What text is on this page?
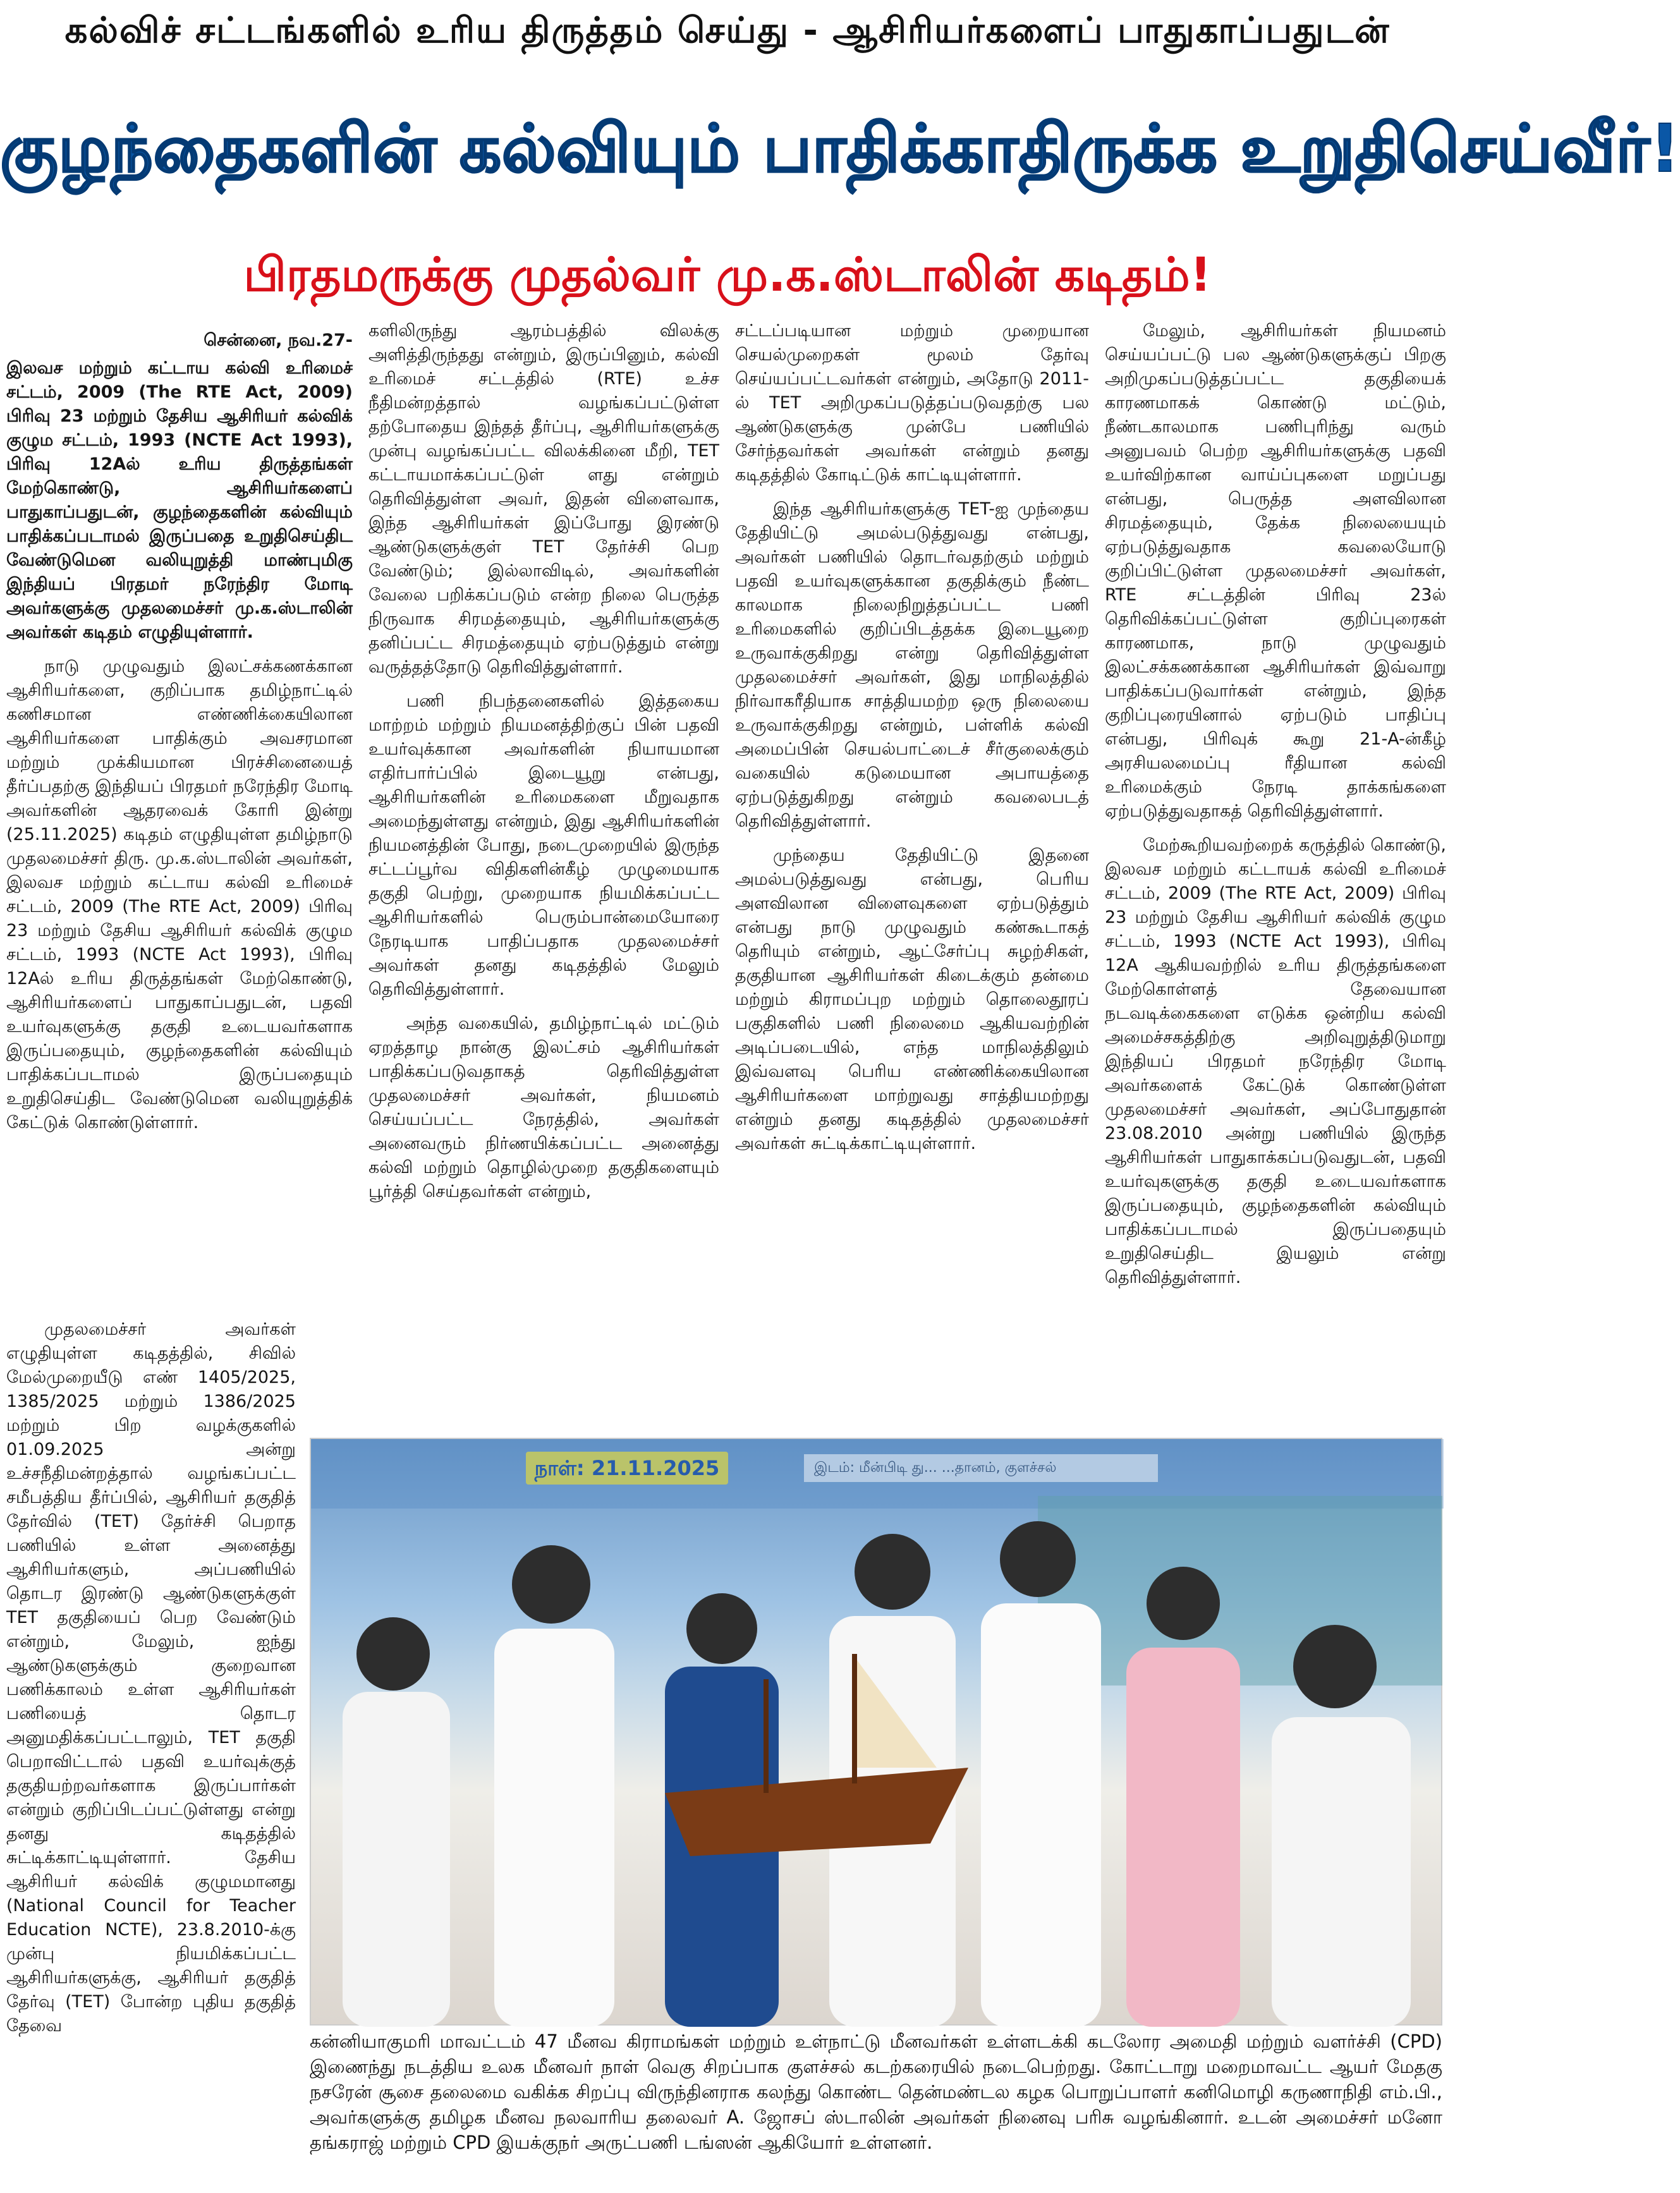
கல்விச் சட்டங்களில் உரிய திருத்தம் செய்து - ஆசிரியர்களைப் பாதுகாப்பதுடன்
குழந்தைகளின் கல்வியும் பாதிக்காதிருக்க உறுதிசெய்வீர்!
பிரதமருக்கு முதல்வர் மு.க.ஸ்டாலின் கடிதம்!
சென்னை, நவ.27-

இலவச மற்றும் கட்டாய கல்வி உரிமைச் சட்டம், 2009 (The RTE Act, 2009) பிரிவு 23 மற்றும் தேசிய ஆசிரியர் கல்விக் குழும சட்டம், 1993 (NCTE Act 1993), பிரிவு 12Aல் உரிய திருத்தங்கள் மேற்கொண்டு, ஆசிரியர்களைப் பாதுகாப்பதுடன், குழந்தைகளின் கல்வியும் பாதிக்கப்படாமல் இருப்பதை உறுதிசெய்திட வேண்டுமென வலியுறுத்தி மாண்புமிகு இந்தியப் பிரதமர் நரேந்திர மோடி அவர்களுக்கு முதலமைச்சர் மு.க.ஸ்டாலின் அவர்கள் கடிதம் எழுதியுள்ளார்.

நாடு முழுவதும் இலட்சக்கணக்கான ஆசிரியர்களை, குறிப்பாக தமிழ்நாட்டில் கணிசமான எண்ணிக்கையிலான ஆசிரியர்களை பாதிக்கும் அவசரமான மற்றும் முக்கியமான பிரச்சினையைத் தீர்ப்பதற்கு இந்தியப் பிரதமர் நரேந்திர மோடி அவர்களின் ஆதரவைக் கோரி இன்று (25.11.2025) கடிதம் எழுதியுள்ள தமிழ்நாடு முதலமைச்சர் திரு. மு.க.ஸ்டாலின் அவர்கள், இலவச மற்றும் கட்டாய கல்வி உரிமைச் சட்டம், 2009 (The RTE Act, 2009) பிரிவு 23 மற்றும் தேசிய ஆசிரியர் கல்விக் குழும சட்டம், 1993 (NCTE Act 1993), பிரிவு 12Aல் உரிய திருத்தங்கள் மேற்கொண்டு, ஆசிரியர்களைப் பாதுகாப்பதுடன், பதவி உயர்வுகளுக்கு தகுதி உடையவர்களாக இருப்பதையும், குழந்தைகளின் கல்வியும் பாதிக்கப்படாமல் இருப்பதையும் உறுதிசெய்திட வேண்டுமென வலியுறுத்திக் கேட்டுக் கொண்டுள்ளார்.

முதலமைச்சர் அவர்கள் எழுதியுள்ள கடிதத்தில், சிவில் மேல்முறையீடு எண் 1405/2025, 1385/2025 மற்றும் 1386/2025 மற்றும் பிற வழக்குகளில் 01.09.2025 அன்று உச்சநீதிமன்றத்தால் வழங்கப்பட்ட சமீபத்திய தீர்ப்பில், ஆசிரியர் தகுதித் தேர்வில் (TET) தேர்ச்சி பெறாத பணியில் உள்ள அனைத்து ஆசிரியர்களும், அப்பணியில் தொடர இரண்டு ஆண்டுகளுக்குள் TET தகுதியைப் பெற வேண்டும் என்றும், மேலும், ஐந்து ஆண்டுகளுக்கும் குறைவான பணிக்காலம் உள்ள ஆசிரியர்கள் பணியைத் தொடர அனுமதிக்கப்பட்டாலும், TET தகுதி பெறாவிட்டால் பதவி உயர்வுக்குத் தகுதியற்றவர்களாக இருப்பார்கள் என்றும் குறிப்பிடப்பட்டுள்ளது என்று தனது கடிதத்தில் சுட்டிக்காட்டியுள்ளார். தேசிய ஆசிரியர் கல்விக் குழுமமானது (National Council for Teacher Education NCTE), 23.8.2010-க்கு முன்பு நியமிக்கப்பட்ட ஆசிரியர்களுக்கு, ஆசிரியர் தகுதித் தேர்வு (TET) போன்ற புதிய தகுதித் தேவை

களிலிருந்து ஆரம்பத்தில் விலக்கு அளித்திருந்தது என்றும், இருப்பினும், கல்வி உரிமைச் சட்டத்தில் (RTE) உச்ச நீதிமன்றத்தால் வழங்கப்பட்டுள்ள தற்போதைய இந்தத் தீர்ப்பு, ஆசிரியர்களுக்கு முன்பு வழங்கப்பட்ட விலக்கினை மீறி, TET கட்டாயமாக்கப்பட்டுள் ளது என்றும் தெரிவித்துள்ள அவர், இதன் விளைவாக, இந்த ஆசிரியர்கள் இப்போது இரண்டு ஆண்டுகளுக்குள் TET தேர்ச்சி பெற வேண்டும்; இல்லாவிடில், அவர்களின் வேலை பறிக்கப்படும் என்ற நிலை பெருத்த நிருவாக சிரமத்தையும், ஆசிரியர்களுக்கு தனிப்பட்ட சிரமத்தையும் ஏற்படுத்தும் என்று வருத்தத்தோடு தெரிவித்துள்ளார்.

பணி நிபந்தனைகளில் இத்தகைய மாற்றம் மற்றும் நியமனத்திற்குப் பின் பதவி உயர்வுக்கான அவர்களின் நியாயமான எதிர்பார்ப்பில் இடையூறு என்பது, ஆசிரியர்களின் உரிமைகளை மீறுவதாக அமைந்துள்ளது என்றும், இது ஆசிரியர்களின் நியமனத்தின் போது, நடைமுறையில் இருந்த சட்டப்பூர்வ விதிகளின்கீழ் முழுமையாக தகுதி பெற்று, முறையாக நியமிக்கப்பட்ட ஆசிரியர்களில் பெரும்பான்மையோரை நேரடியாக பாதிப்பதாக முதலமைச்சர் அவர்கள் தனது கடிதத்தில் மேலும் தெரிவித்துள்ளார்.

அந்த வகையில், தமிழ்நாட்டில் மட்டும் ஏறத்தாழ நான்கு இலட்சம் ஆசிரியர்கள் பாதிக்கப்படுவதாகத் தெரிவித்துள்ள முதலமைச்சர் அவர்கள், நியமனம் செய்யப்பட்ட நேரத்தில், அவர்கள் அனைவரும் நிர்ணயிக்கப்பட்ட அனைத்து கல்வி மற்றும் தொழில்முறை தகுதிகளையும் பூர்த்தி செய்தவர்கள் என்றும்,

சட்டப்படியான மற்றும் முறையான செயல்முறைகள் மூலம் தேர்வு செய்யப்பட்டவர்கள் என்றும், அதோடு 2011-ல் TET அறிமுகப்படுத்தப்படுவதற்கு பல ஆண்டுகளுக்கு முன்பே பணியில் சேர்ந்தவர்கள் அவர்கள் என்றும் தனது கடிதத்தில் கோடிட்டுக் காட்டியுள்ளார்.

இந்த ஆசிரியர்களுக்கு TET-ஐ முந்தைய தேதியிட்டு அமல்படுத்துவது என்பது, அவர்கள் பணியில் தொடர்வதற்கும் மற்றும் பதவி உயர்வுகளுக்கான தகுதிக்கும் நீண்ட காலமாக நிலைநிறுத்தப்பட்ட பணி உரிமைகளில் குறிப்பிடத்தக்க இடையூறை உருவாக்குகிறது என்று தெரிவித்துள்ள முதலமைச்சர் அவர்கள், இது மாநிலத்தில் நிர்வாகரீதியாக சாத்தியமற்ற ஒரு நிலையை உருவாக்குகிறது என்றும், பள்ளிக் கல்வி அமைப்பின் செயல்பாட்டைச் சீர்குலைக்கும் வகையில் கடுமையான அபாயத்தை ஏற்படுத்துகிறது என்றும் கவலைபடத் தெரிவித்துள்ளார்.

முந்தைய தேதியிட்டு இதனை அமல்படுத்துவது என்பது, பெரிய அளவிலான விளைவுகளை ஏற்படுத்தும் என்பது நாடு முழுவதும் கண்கூடாகத் தெரியும் என்றும், ஆட்சேர்ப்பு சுழற்சிகள், தகுதியான ஆசிரியர்கள் கிடைக்கும் தன்மை மற்றும் கிராமப்புற மற்றும் தொலைதூரப் பகுதிகளில் பணி நிலைமை ஆகியவற்றின் அடிப்படையில், எந்த மாநிலத்திலும் இவ்வளவு பெரிய எண்ணிக்கையிலான ஆசிரியர்களை மாற்றுவது சாத்தியமற்றது என்றும் தனது கடிதத்தில் முதலமைச்சர் அவர்கள் சுட்டிக்காட்டியுள்ளார்.

மேலும், ஆசிரியர்கள் நியமனம் செய்யப்பட்டு பல ஆண்டுகளுக்குப் பிறகு அறிமுகப்படுத்தப்பட்ட தகுதியைக் காரணமாகக் கொண்டு மட்டும், நீண்டகாலமாக பணிபுரிந்து வரும் அனுபவம் பெற்ற ஆசிரியர்களுக்கு பதவி உயர்விற்கான வாய்ப்புகளை மறுப்பது என்பது, பெருத்த அளவிலான சிரமத்தையும், தேக்க நிலையையும் ஏற்படுத்துவதாக கவலையோடு குறிப்பிட்டுள்ள முதலமைச்சர் அவர்கள், RTE சட்டத்தின் பிரிவு 23ல் தெரிவிக்கப்பட்டுள்ள குறிப்புரைகள் காரணமாக, நாடு முழுவதும் இலட்சக்கணக்கான ஆசிரியர்கள் இவ்வாறு பாதிக்கப்படுவார்கள் என்றும், இந்த குறிப்புரையினால் ஏற்படும் பாதிப்பு என்பது, பிரிவுக் கூறு 21-A-ன்கீழ் அரசியலமைப்பு ரீதியான கல்வி உரிமைக்கும் நேரடி தாக்கங்களை ஏற்படுத்துவதாகத் தெரிவித்துள்ளார்.

மேற்கூறியவற்றைக் கருத்தில் கொண்டு, இலவச மற்றும் கட்டாயக் கல்வி உரிமைச் சட்டம், 2009 (The RTE Act, 2009) பிரிவு 23 மற்றும் தேசிய ஆசிரியர் கல்விக் குழும சட்டம், 1993 (NCTE Act 1993), பிரிவு 12A ஆகியவற்றில் உரிய திருத்தங்களை மேற்கொள்ளத் தேவையான நடவடிக்கைகளை எடுக்க ஒன்றிய கல்வி அமைச்சகத்திற்கு அறிவுறுத்திடுமாறு இந்தியப் பிரதமர் நரேந்திர மோடி அவர்களைக் கேட்டுக் கொண்டுள்ள முதலமைச்சர் அவர்கள், அப்போதுதான் 23.08.2010 அன்று பணியில் இருந்த ஆசிரியர்கள் பாதுகாக்கப்படுவதுடன், பதவி உயர்வுகளுக்கு தகுதி உடையவர்களாக இருப்பதையும், குழந்தைகளின் கல்வியும் பாதிக்கப்படாமல் இருப்பதையும் உறுதிசெய்திட இயலும் என்று தெரிவித்துள்ளார்.

நாள்: 21.11.2025	இடம்: மீன்பிடி து... ...தானம், குளச்சல்
கன்னியாகுமரி மாவட்டம் 47 மீனவ கிராமங்கள் மற்றும் உள்நாட்டு மீனவர்கள் உள்ளடக்கி கடலோர அமைதி மற்றும் வளர்ச்சி (CPD) இணைந்து நடத்திய உலக மீனவர் நாள் வெகு சிறப்பாக குளச்சல் கடற்கரையில் நடைபெற்றது. கோட்டாறு மறைமாவட்ட ஆயர் மேதகு நசரேன் சூசை தலைமை வகிக்க சிறப்பு விருந்தினராக கலந்து கொண்ட தென்மண்டல கழக பொறுப்பாளர் கனிமொழி கருணாநிதி எம்.பி., அவர்களுக்கு தமிழக மீனவ நலவாரிய தலைவர் A. ஜோசப் ஸ்டாலின் அவர்கள் நினைவு பரிசு வழங்கினார். உடன் அமைச்சர் மனோ தங்கராஜ் மற்றும் CPD இயக்குநர் அருட்பணி டங்ஸன் ஆகியோர் உள்ளனர்.
